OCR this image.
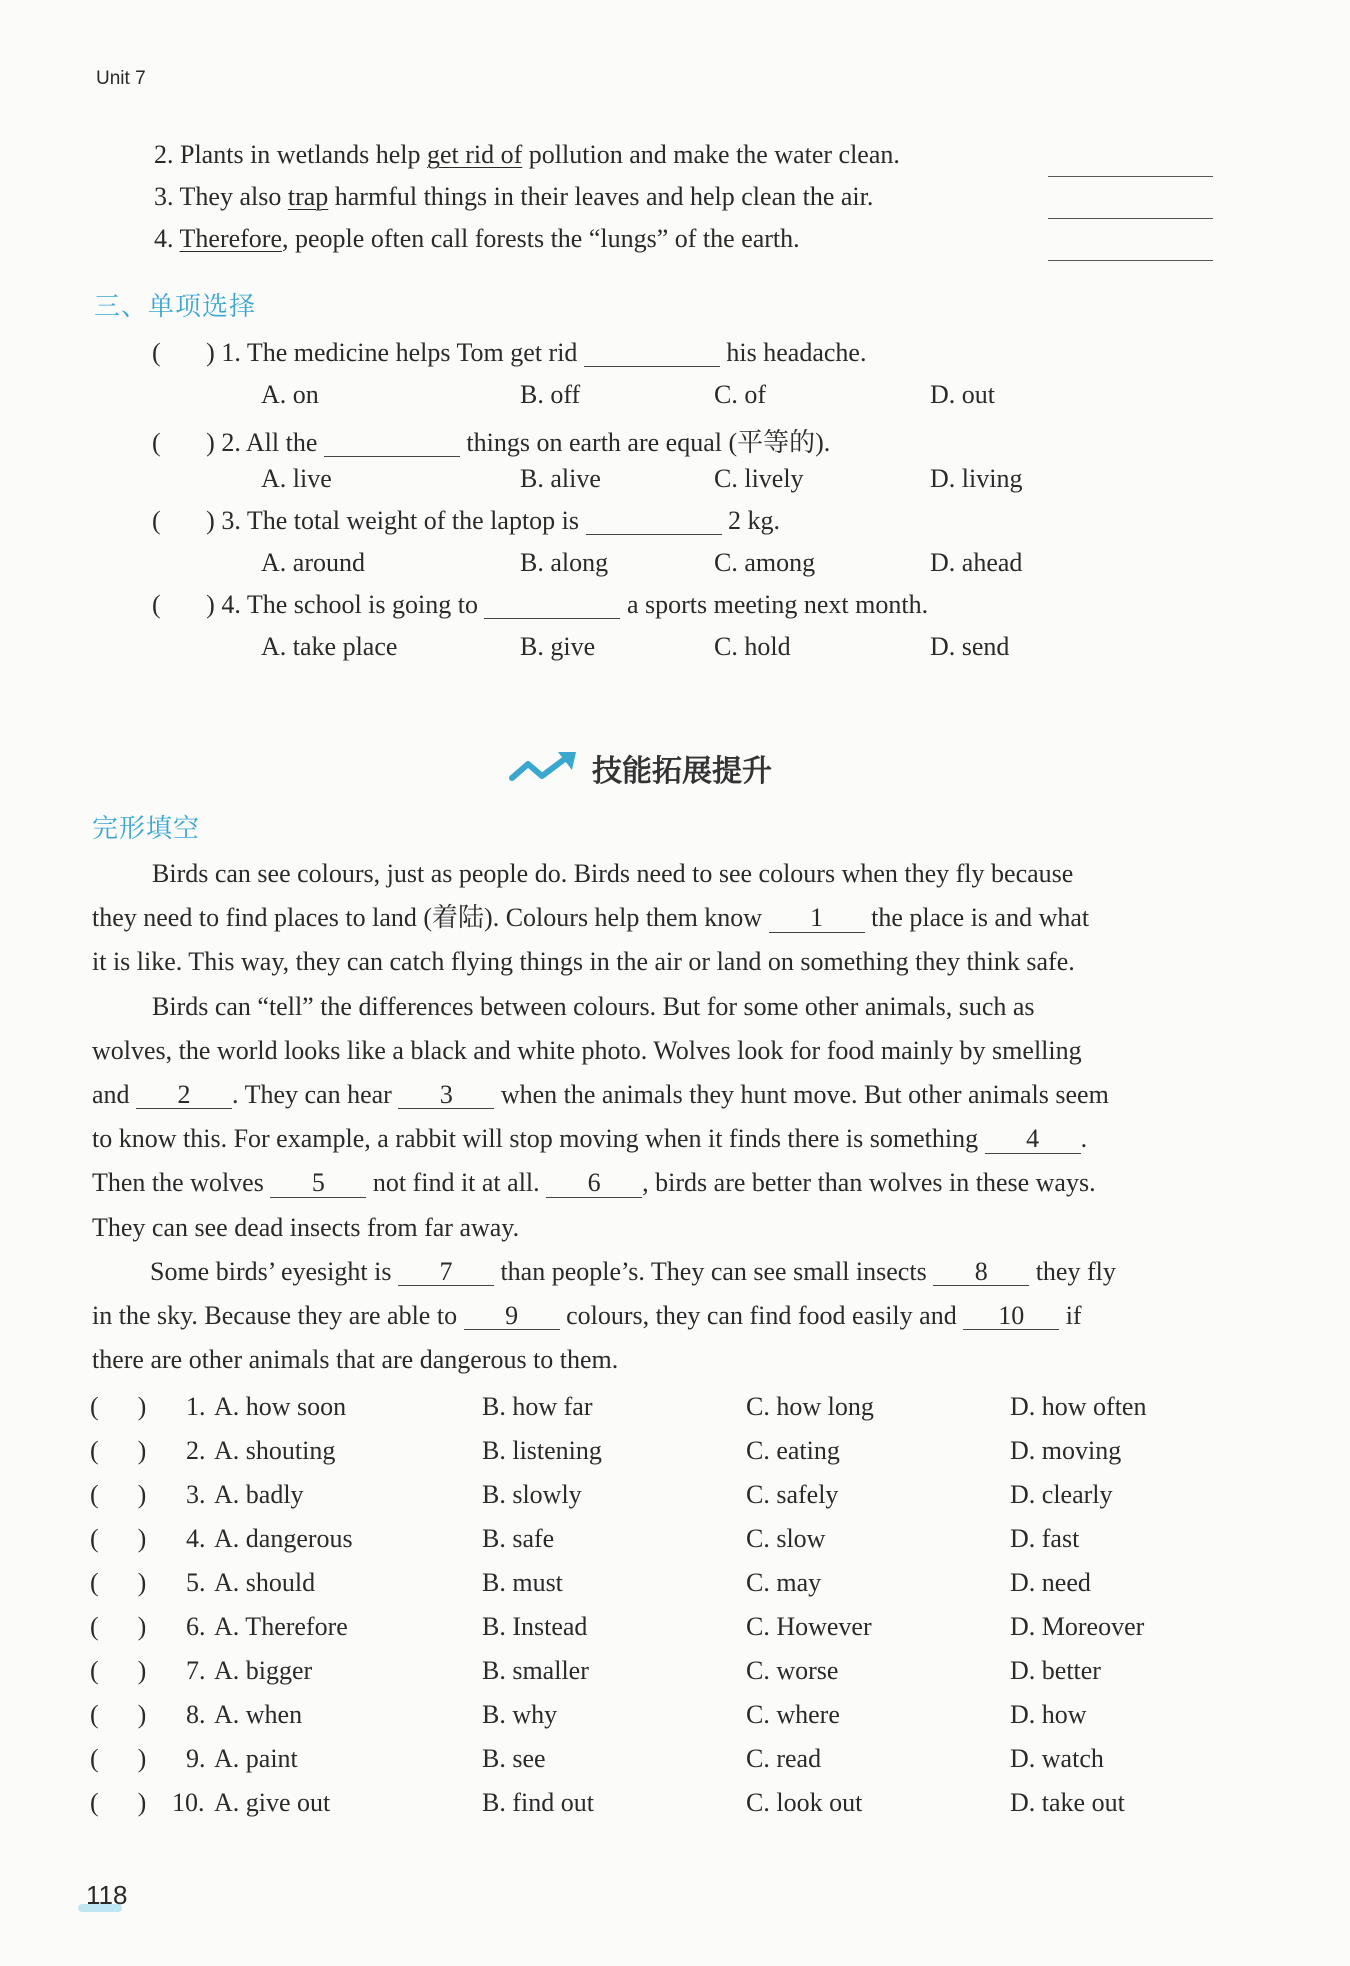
Unit 7
2. Plants in wetlands help get rid of pollution and make the water clean.
3. They also trap harmful things in their leaves and help clean the air.
4. Therefore, people often call forests the “lungs” of the earth.
三、单项选择
(       ) 1. The medicine helps Tom get rid	his headache.
A. on	B. off	C. of	D. out
(       ) 2. All the	things on earth are equal (平等的).
A. live	B. alive	C. lively	D. living
(       ) 3. The total weight of the laptop is	2 kg.
A. around	B. along	C. among	D. ahead
(       ) 4. The school is going to	a sports meeting next month.
A. take place	B. give	C. hold	D. send
技能拓展提升
完形填空

Birds can see colours, just as people do. Birds need to see colours when they fly because

they need to find places to land (着陆). Colours help them know 1 the place is and what

it is like. This way, they can catch flying things in the air or land on something they think safe.

Birds can “tell” the differences between colours. But for some other animals, such as

wolves, the world looks like a black and white photo. Wolves look for food mainly by smelling

and 2 . They can hear 3 when the animals they hunt move. But other animals seem

to know this. For example, a rabbit will stop moving when it finds there is something 4 .

Then the wolves 5 not find it at all. 6 , birds are better than wolves in these ways.

They can see dead insects from far away.

Some birds’ eyesight is 7 than people’s. They can see small insects 8 they fly

in the sky. Because they are able to 9 colours, they can find food easily and 10 if

there are other animals that are dangerous to them.

(      ) 1. A. how soon	B. how far	C. how long	D. how often
(      ) 2. A. shouting	B. listening	C. eating	D. moving
(      ) 3. A. badly	B. slowly	C. safely	D. clearly
(      ) 4. A. dangerous	B. safe	C. slow	D. fast
(      ) 5. A. should	B. must	C. may	D. need
(      ) 6. A. Therefore	B. Instead	C. However	D. Moreover
(      ) 7. A. bigger	B. smaller	C. worse	D. better
(      ) 8. A. when	B. why	C. where	D. how
(      ) 9. A. paint	B. see	C. read	D. watch
(      ) 10. A. give out	B. find out	C. look out	D. take out
118
